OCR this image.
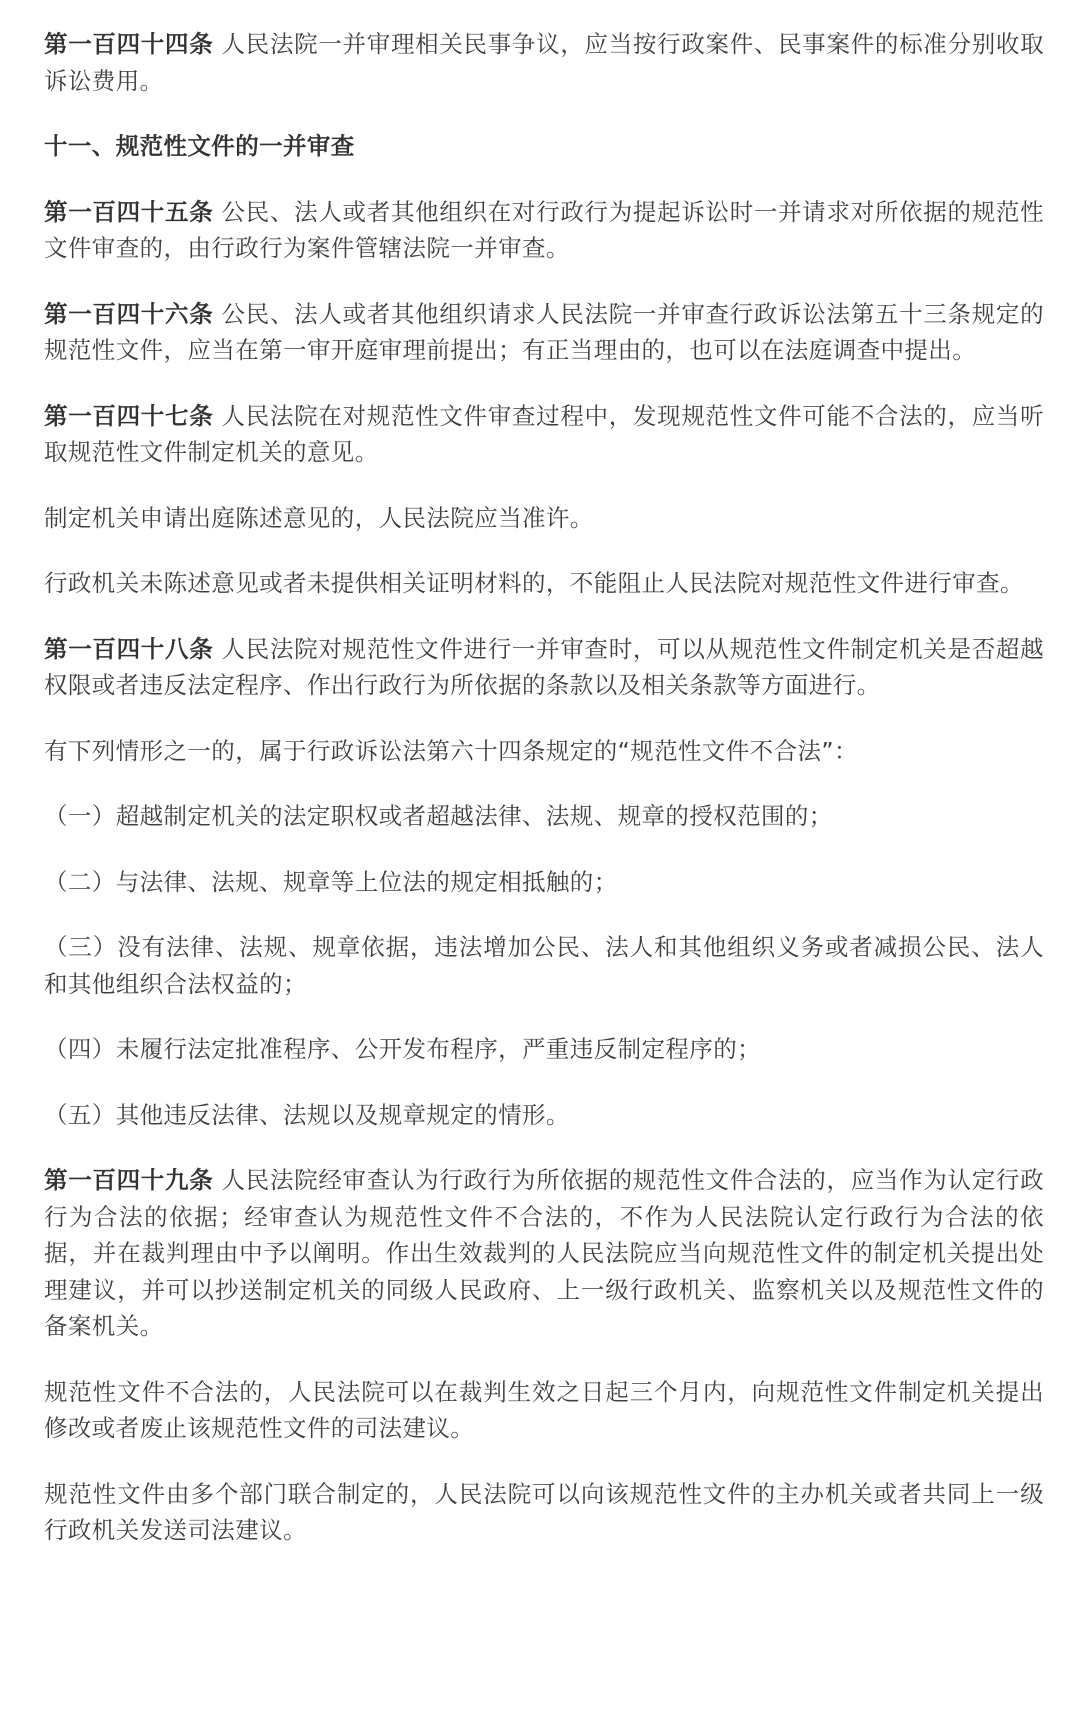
第一百四十四条 人民法院一并审理相关民事争议，应当按行政案件、民事案件的标准分别收取诉讼费用。

十一、规范性文件的一并审查

第一百四十五条 公民、法人或者其他组织在对行政行为提起诉讼时一并请求对所依据的规范性文件审查的，由行政行为案件管辖法院一并审查。

第一百四十六条 公民、法人或者其他组织请求人民法院一并审查行政诉讼法第五十三条规定的规范性文件，应当在第一审开庭审理前提出；有正当理由的，也可以在法庭调查中提出。

第一百四十七条 人民法院在对规范性文件审查过程中，发现规范性文件可能不合法的，应当听取规范性文件制定机关的意见。

制定机关申请出庭陈述意见的，人民法院应当准许。

行政机关未陈述意见或者未提供相关证明材料的，不能阻止人民法院对规范性文件进行审查。

第一百四十八条 人民法院对规范性文件进行一并审查时，可以从规范性文件制定机关是否超越权限或者违反法定程序、作出行政行为所依据的条款以及相关条款等方面进行。

有下列情形之一的，属于行政诉讼法第六十四条规定的“规范性文件不合法”：

（一）超越制定机关的法定职权或者超越法律、法规、规章的授权范围的；

（二）与法律、法规、规章等上位法的规定相抵触的；

（三）没有法律、法规、规章依据，违法增加公民、法人和其他组织义务或者减损公民、法人和其他组织合法权益的；

（四）未履行法定批准程序、公开发布程序，严重违反制定程序的；

（五）其他违反法律、法规以及规章规定的情形。

第一百四十九条 人民法院经审查认为行政行为所依据的规范性文件合法的，应当作为认定行政行为合法的依据；经审查认为规范性文件不合法的，不作为人民法院认定行政行为合法的依据，并在裁判理由中予以阐明。作出生效裁判的人民法院应当向规范性文件的制定机关提出处理建议，并可以抄送制定机关的同级人民政府、上一级行政机关、监察机关以及规范性文件的备案机关。

规范性文件不合法的，人民法院可以在裁判生效之日起三个月内，向规范性文件制定机关提出修改或者废止该规范性文件的司法建议。

规范性文件由多个部门联合制定的，人民法院可以向该规范性文件的主办机关或者共同上一级行政机关发送司法建议。
